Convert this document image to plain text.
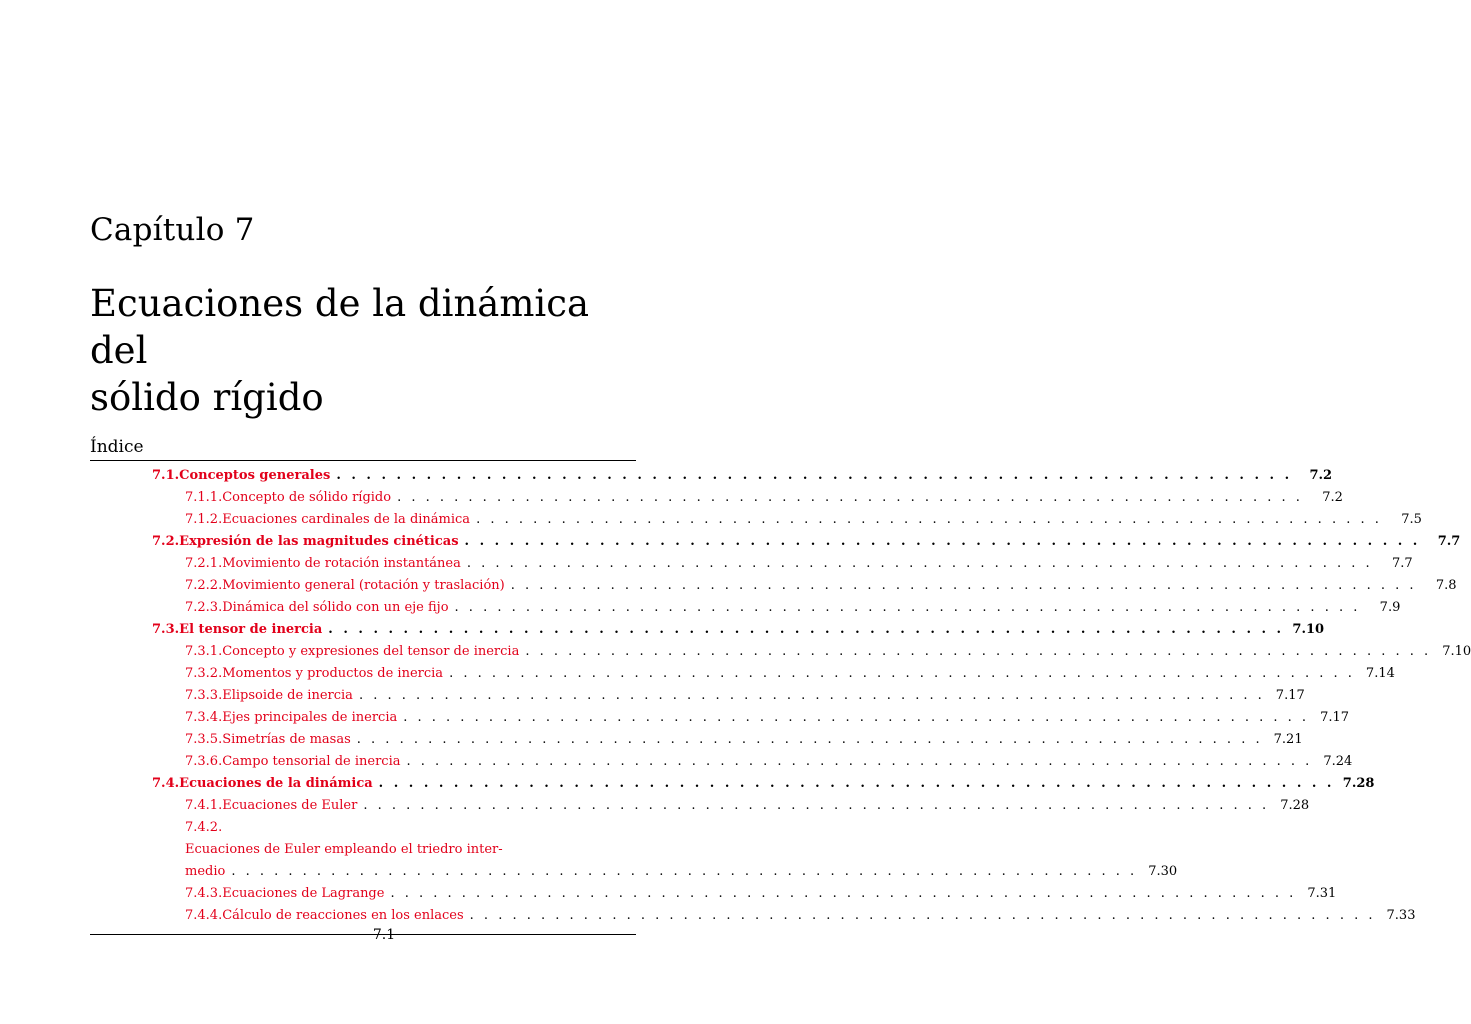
Capítulo 7
Ecuaciones de la dinámica del
sólido rígido
Índice
7.1. Conceptos generales . . .	7.2
7.1.1. Concepto de sólido rígido . . .	7.2
7.1.2. Ecuaciones cardinales de la dinámica . . .	7.5
7.2. Expresión de las magnitudes cinéticas . . .	7.7
7.2.1. Movimiento de rotación instantánea . . .	7.7
7.2.2. Movimiento general (rotación y traslación) . . .	7.8
7.2.3. Dinámica del sólido con un eje fijo . . .	7.9
7.3. El tensor de inercia . . .	7.10
7.3.1. Concepto y expresiones del tensor de inercia . . .	7.10
7.3.2. Momentos y productos de inercia . . .	7.14
7.3.3. Elipsoide de inercia . . .	7.17
7.3.4. Ejes principales de inercia . . .	7.17
7.3.5. Simetrías de masas . . .	7.21
7.3.6. Campo tensorial de inercia . . .	7.24
7.4. Ecuaciones de la dinámica . . .	7.28
7.4.1. Ecuaciones de Euler . . .	7.28
7.4.2.
Ecuaciones de Euler empleando el triedro inter-
medio . . .	7.30
7.4.3. Ecuaciones de Lagrange . . .	7.31
7.4.4. Cálculo de reacciones en los enlaces . . .	7.33
7.1
